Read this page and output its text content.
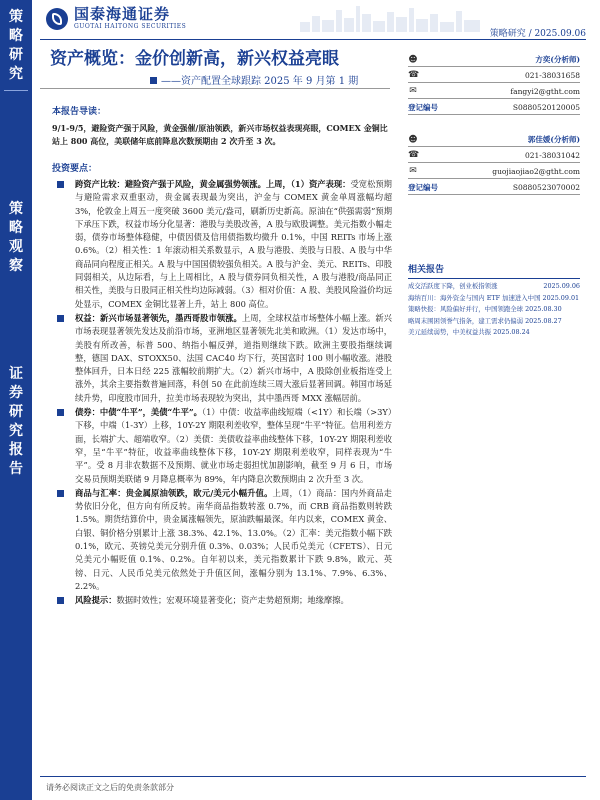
策
略
研
究
策
略
观
察
证
券
研
究
报
告
国泰海通证券
GUOTAI HAITONG SECURITIES
策略研究 / 2025.09.06
资产概览：金价创新高，新兴权益亮眼
——资产配置全球跟踪 2025 年 9 月第 1 期
本报告导读：
9/1-9/5，避险资产强于风险，黄金强催/原油领跌，新兴市场权益表现亮眼，COMEX 金铜比站上 800 高位，美联储年底前降息次数预期由 2 次升至 3 次。
投资要点：
跨资产比较：避险资产强于风险，黄金属强势领涨。上周，（1）资产表现：受宽松预期与避险需求双重驱动，贵金属表现最为突出，沪金与 COMEX 黄金单周涨幅均超 3%，伦敦金上周五一度突破 3600 美元/盎司，刷新历史新高。原油在“供强需弱”预期下承压下跌，权益市场分化显著：港股与美股改善，A 股与欧股调整。美元指数小幅走弱，债券市场整体稳健，中债因债及信用债指数均微升 0.1%，中国 REITs 市场上涨 0.6%。（2）相关性：1 年滚动相关系数显示，A 股与港股、美股与日股、A 股与中华商品同向程度正相关。A 股与中国国债较强负相关。A 股与沪金、美元、REITs、印股同弱相关，从边际看，与上上周相比，A 股与债券同负相关性，A 股与港股/商品同正相关性，美股与日股同正相关性均边际减弱。（3）相对价值：A 股、美股风险溢价均远处显示，COMEX 金铜比显著上升，站上 800 高位。
权益：新兴市场显著领先，墨西哥股市领涨。上周，全球权益市场整体小幅上涨。新兴市场表现显著领先发达及前沿市场，亚洲地区显著领先北美和欧洲。（1）发达市场中，美股有所改善，标普 500、纳指小幅反弹，道指则继续下跌。欧洲主要股指继续调整，德国 DAX、STOXX50、法国 CAC40 均下行，英国富时 100 则小幅收涨。港股整体回升，日本日经 225 涨幅较前期扩大。（2）新兴市场中，A 股除创业板指连受上涨外，其余主要指数普遍回落，科创 50 在此前连续三周大涨后显著回调。韩国市场延续升势，印度股市回升，拉美市场表现较为突出，其中墨西哥 MXX 涨幅居前。
债券：中债“牛平”，美债“牛平”。（1）中债：收益率曲线短端（<1Y）和长端（>3Y）下移，中端（1-3Y）上移，10Y-2Y 期限利差收窄，整体呈现“牛平”特征。信用利差方面，长端扩大、超端收窄。（2）美债：美债收益率曲线整体下移，10Y-2Y 期限利差收窄，呈“牛平”特征，收益率曲线整体下移，10Y-2Y 期限利差收窄，同样表现为“牛平”。受 8 月非农数据不及预期、就业市场走弱担忧加剧影响，截至 9 月 6 日，市场交易员预期美联储 9 月降息概率为 89%，年内降息次数预期由 2 次升至 3 次。
商品与汇率：贵金属原油领跌，欧元/美元小幅升值。上周，（1）商品：国内外商品走势依旧分化，但方向有所反转。南华商品指数转涨 0.7%，而 CRB 商品指数则转跌 1.5%。期货结算价中，贵金属涨幅领先，原油跌幅最深。年内以来，COMEX 黄金、白银、铜价格分别累计上涨 38.3%、42.1%、13.0%。（2）汇率：美元指数小幅下跌 0.1%，欧元、英镑兑美元分别升值 0.3%、0.03%；人民币兑美元（CFETS）、日元兑美元小幅贬值 0.1%、0.2%。自年初以来，美元指数累计下跌 9.8%，欧元、英镑、日元、人民币兑美元依然处于升值区间，涨幅分别为 13.1%、7.9%、6.3%、2.2%。
风险提示：数据时效性；宏观环境显著变化；资产走势超预期；地缘摩擦。
☻	方奕(分析师)
☎	021-38031658
✉	fangyi2@gtht.com
登记编号	S0880520120005
☻	郭佳媛(分析师)
☎	021-38031042
✉	guojiaojiao2@gtht.com
登记编号	S0880523070002
相关报告
成交活跃度下降，创业板指领涨	2025.09.06
海纳百川：海外资金与国内 ETF 加速进入中国 2025.09.01
策略快报：风险偏好并行，中国领跑全球 2025.08.30
略周末围困领誉气指条，建工需求仍偏弱 2025.08.27
美元延续弱势，中美权益共振 2025.08.24
请务必阅读正文之后的免责条款部分
